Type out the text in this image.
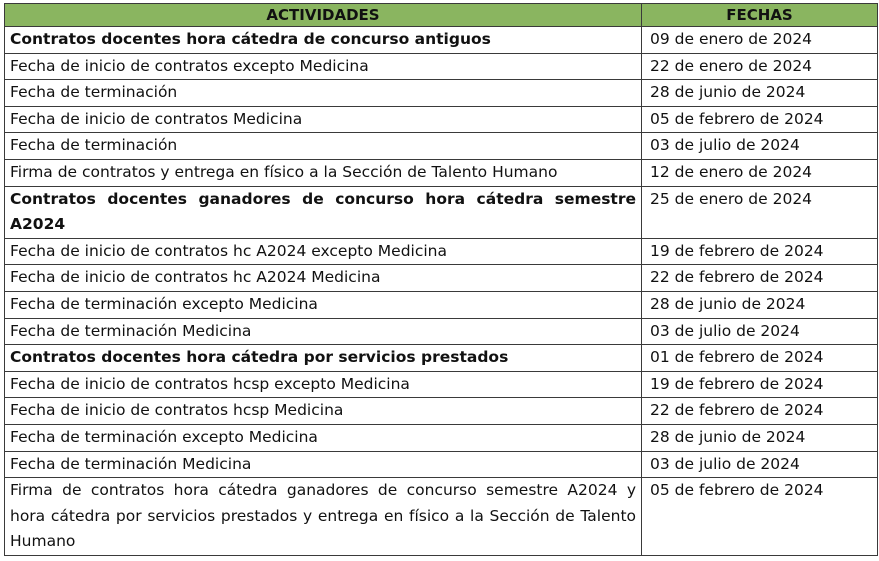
ACTIVIDADES	FECHAS
Contratos docentes hora cátedra de concurso antiguos	09 de enero de 2024
Fecha de inicio de contratos excepto Medicina	22 de enero de 2024
Fecha de terminación	28 de junio de 2024
Fecha de inicio de contratos Medicina	05 de febrero de 2024
Fecha de terminación	03 de julio de 2024
Firma de contratos y entrega en físico a la Sección de Talento Humano	12 de enero de 2024
Contratos docentes ganadores de concurso hora cátedra semestre A2024	25 de enero de 2024
Fecha de inicio de contratos hc A2024 excepto Medicina	19 de febrero de 2024
Fecha de inicio de contratos hc A2024 Medicina	22 de febrero de 2024
Fecha de terminación excepto Medicina	28 de junio de 2024
Fecha de terminación Medicina	03 de julio de 2024
Contratos docentes hora cátedra por servicios prestados	01 de febrero de 2024
Fecha de inicio de contratos hcsp excepto Medicina	19 de febrero de 2024
Fecha de inicio de contratos hcsp Medicina	22 de febrero de 2024
Fecha de terminación excepto Medicina	28 de junio de 2024
Fecha de terminación Medicina	03 de julio de 2024
Firma de contratos hora cátedra ganadores de concurso semestre A2024 y hora cátedra por servicios prestados y entrega en físico a la Sección de Talento Humano	05 de febrero de 2024
